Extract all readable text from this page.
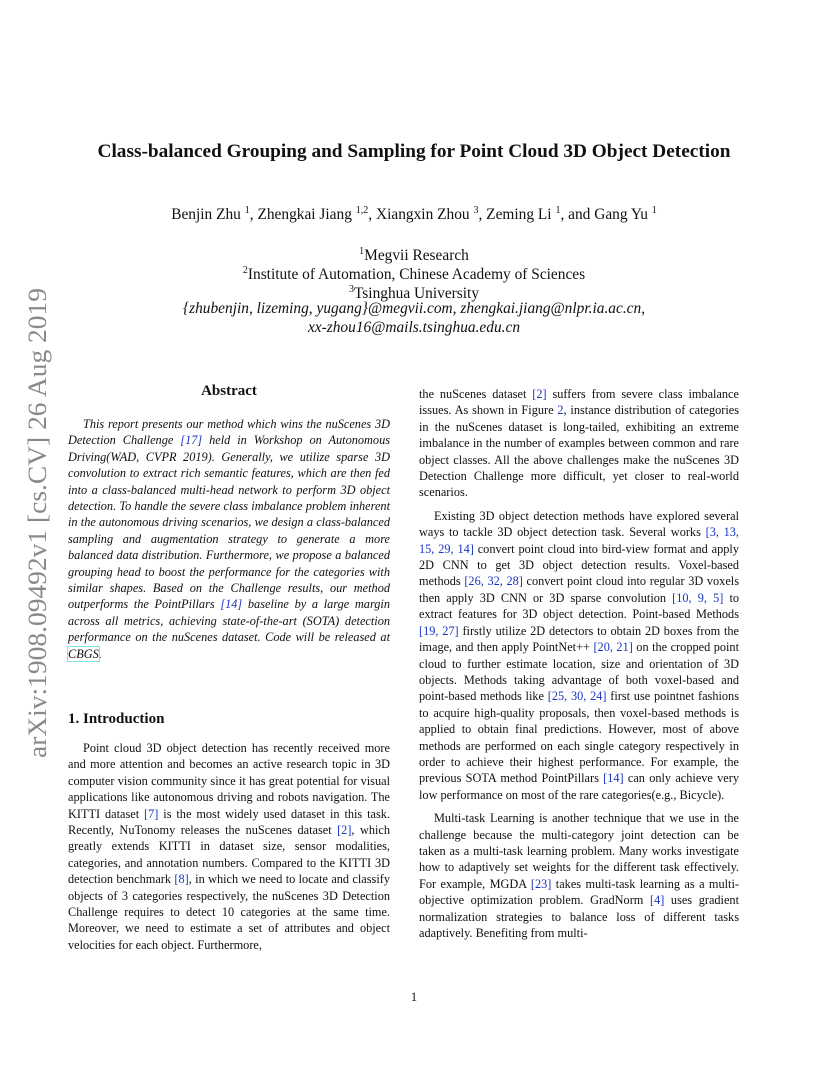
arXiv:1908.09492v1 [cs.CV] 26 Aug 2019
Class-balanced Grouping and Sampling for Point Cloud 3D Object Detection
Benjin Zhu $^1$, Zhengkai Jiang $^{1,2}$, Xiangxin Zhou $^3$, Zeming Li $^1$, and Gang Yu $^1$
$^1$Megvii Research
$^2$Institute of Automation, Chinese Academy of Sciences
$^3$Tsinghua University
{zhubenjin, lizeming, yugang}@megvii.com, zhengkai.jiang@nlpr.ia.ac.cn,
xx-zhou16@mails.tsinghua.edu.cn
Abstract

This report presents our method which wins the nuScenes 3D Detection Challenge [17] held in Workshop on Autonomous Driving(WAD, CVPR 2019). Generally, we utilize sparse 3D convolution to extract rich semantic features, which are then fed into a class-balanced multi-head network to perform 3D object detection. To handle the severe class imbalance problem inherent in the autonomous driving scenarios, we design a class-balanced sampling and augmentation strategy to generate a more balanced data distribution. Furthermore, we propose a balanced grouping head to boost the performance for the categories with similar shapes. Based on the Challenge results, our method outperforms the PointPillars [14] baseline by a large margin across all metrics, achieving state-of-the-art (SOTA) detection performance on the nuScenes dataset. Code will be released at CBGS.

1. Introduction

Point cloud 3D object detection has recently received more and more attention and becomes an active research topic in 3D computer vision community since it has great potential for visual applications like autonomous driving and robots navigation. The KITTI dataset [7] is the most widely used dataset in this task. Recently, NuTonomy releases the nuScenes dataset [2], which greatly extends KITTI in dataset size, sensor modalities, categories, and annotation numbers. Compared to the KITTI 3D detection benchmark [8], in which we need to locate and classify objects of 3 categories respectively, the nuScenes 3D Detection Challenge requires to detect 10 categories at the same time. Moreover, we need to estimate a set of attributes and object velocities for each object. Furthermore,

the nuScenes dataset [2] suffers from severe class imbalance issues. As shown in Figure 2, instance distribution of categories in the nuScenes dataset is long-tailed, exhibiting an extreme imbalance in the number of examples between common and rare object classes. All the above challenges make the nuScenes 3D Detection Challenge more difficult, yet closer to real-world scenarios.

Existing 3D object detection methods have explored several ways to tackle 3D object detection task. Several works [3, 13, 15, 29, 14] convert point cloud into bird-view format and apply 2D CNN to get 3D object detection results. Voxel-based methods [26, 32, 28] convert point cloud into regular 3D voxels then apply 3D CNN or 3D sparse convolution [10, 9, 5] to extract features for 3D object detection. Point-based Methods [19, 27] firstly utilize 2D detectors to obtain 2D boxes from the image, and then apply PointNet++ [20, 21] on the cropped point cloud to further estimate location, size and orientation of 3D objects. Methods taking advantage of both voxel-based and point-based methods like [25, 30, 24] first use pointnet fashions to acquire high-quality proposals, then voxel-based methods is applied to obtain final predictions. However, most of above methods are performed on each single category respectively in order to achieve their highest performance. For example, the previous SOTA method PointPillars [14] can only achieve very low performance on most of the rare categories(e.g., Bicycle).

Multi-task Learning is another technique that we use in the challenge because the multi-category joint detection can be taken as a multi-task learning problem. Many works investigate how to adaptively set weights for the different task effectively. For example, MGDA [23] takes multi-task learning as a multi-objective optimization problem. GradNorm [4] uses gradient normalization strategies to balance loss of different tasks adaptively. Benefiting from multi-

1
